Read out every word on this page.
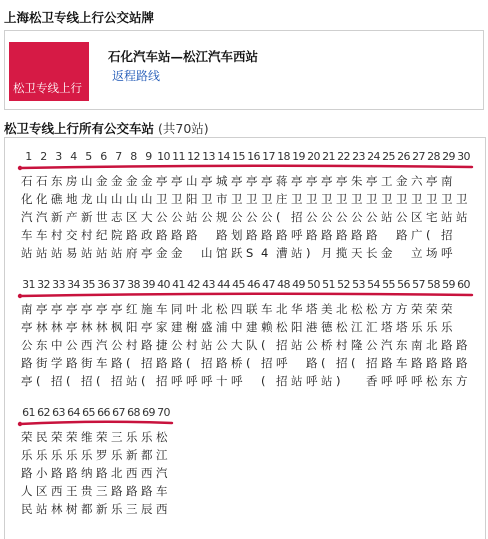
上海松卫专线上行公交站牌
松卫专线上行
石化汽车站—松江汽车西站
返程路线
松卫专线上行所有公交车站 (共70站)
1 2 3 4 5 6 7 8 9 10 11 12 13 14 15 16 17 18 19 20 21 22 23 24 25 26 27 28 29 30
石
化
汽
车
站
石
化
汽
车
站
东
礁
新
村
站
房
地
产
交
易
山
龙
新
村
站
金
山
世
纪
站
金
山
志
院
站
金
山
区
路
府
金
山
大
政
亭
亭
卫
公
路
金
亭
卫
公
路
金
山
阳
站
路
亭
卫
公
山
城
市
规
路
馆
亭
卫
公
划
跃
亭
卫
公
路
S
亭
卫
公
路
4
蒋
庄
(
路
漕
亭
卫
招
呼
站
亭
卫
公
路
)
亭
卫
公
路
月
亭
卫
公
路
揽
朱
卫
公
路
天
亭
卫
公
路
长
工
卫
站
金
金
卫
公
路
六
卫
区
广
立
亭
卫
宅
(
场
南
卫
站
招
呼
卫
站
31 32 33 34 35 36 37 38 39 40 41 42 43 44 45 46 47 48 49 50 51 52 53 54 55 56 57 58 59 60
南
亭
公
路
亭
亭
林
东
街
(
亭
林
中
学
招
亭
亭
公
路
(
亭
林
西
街
招
亭
林
汽
车
(
亭
枫
公
路
招
红
阳
村
(
站
施
亭
路
招
(
车
家
捷
路
招
同
建
公
路
呼
叶
榭
村
(
呼
北
盛
站
招
呼
松
浦
公
路
十
四
中
大
桥
呼
联
建
队
(
车
赖
(
招
(
北
松
招
呼
招
华
阳
站
站
塔
港
公
路
呼
美
德
桥
(
站
北
松
村
招
)
松
江
隆
(
松
汇
公
招
香
方
塔
汽
路
呼
方
塔
东
车
呼
荣
乐
南
路
呼
荣
乐
北
路
松
荣
乐
路
路
东
路
路
方
61 62 63 64 65 66 67 68 69 70
荣
乐
路
人
民
民
乐
小
区
站
荣
乐
路
西
林
荣
乐
路
王
树
维
乐
纳
贵
都
荣
罗
路
三
新
三
乐
北
路
乐
乐
新
西
路
三
乐
都
西
路
辰
松
江
汽
车
西
